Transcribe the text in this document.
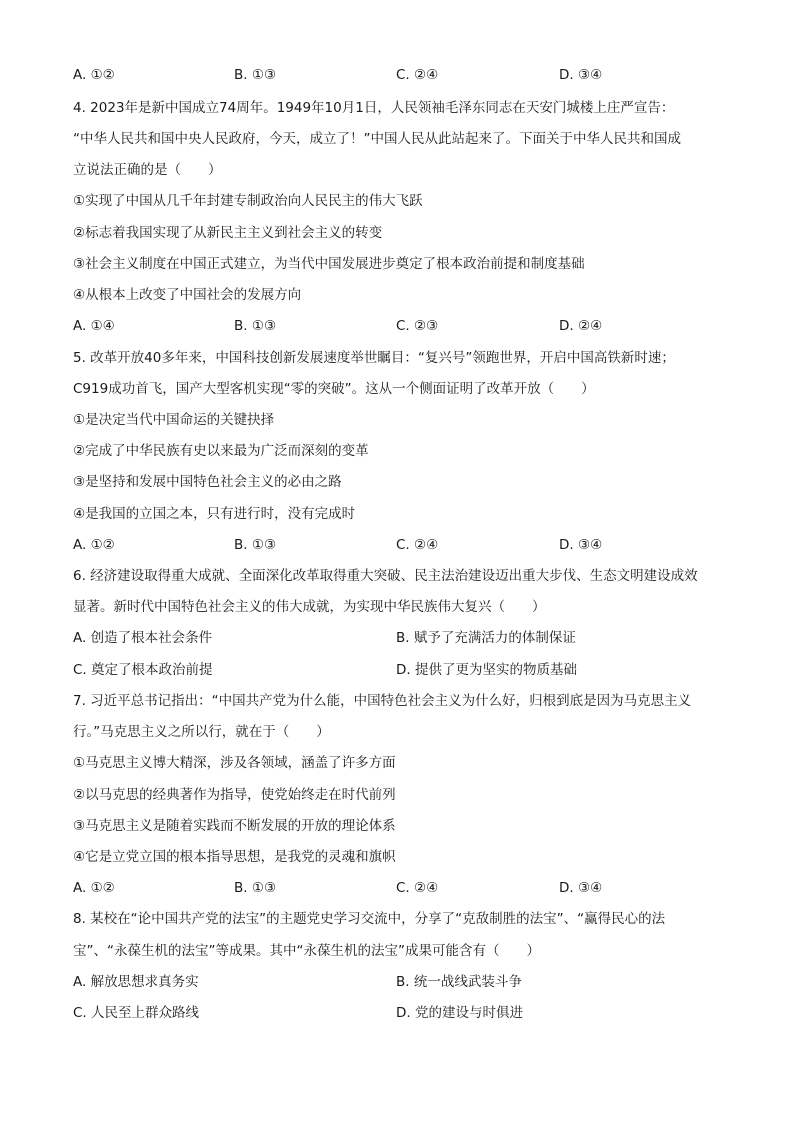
A. ①②	B. ①③	C. ②④	D. ③④
4. 2023年是新中国成立74周年。1949年10月1日，人民领袖毛泽东同志在天安门城楼上庄严宣告：
“中华人民共和国中央人民政府，今天，成立了！”中国人民从此站起来了。下面关于中华人民共和国成
立说法正确的是（　　）
①实现了中国从几千年封建专制政治向人民民主的伟大飞跃
②标志着我国实现了从新民主主义到社会主义的转变
③社会主义制度在中国正式建立，为当代中国发展进步奠定了根本政治前提和制度基础
④从根本上改变了中国社会的发展方向
A. ①④	B. ①③	C. ②③	D. ②④
5. 改革开放40多年来，中国科技创新发展速度举世瞩目：“复兴号”领跑世界，开启中国高铁新时速；
C919成功首飞，国产大型客机实现“零的突破”。这从一个侧面证明了改革开放（　　）
①是决定当代中国命运的关键抉择
②完成了中华民族有史以来最为广泛而深刻的变革
③是坚持和发展中国特色社会主义的必由之路
④是我国的立国之本，只有进行时，没有完成时
A. ①②	B. ①③	C. ②④	D. ③④
6. 经济建设取得重大成就、全面深化改革取得重大突破、民主法治建设迈出重大步伐、生态文明建设成效
显著。新时代中国特色社会主义的伟大成就，为实现中华民族伟大复兴（　　）
A. 创造了根本社会条件	B. 赋予了充满活力的体制保证
C. 奠定了根本政治前提	D. 提供了更为坚实的物质基础
7. 习近平总书记指出：“中国共产党为什么能，中国特色社会主义为什么好，归根到底是因为马克思主义
行。”马克思主义之所以行，就在于（　　）
①马克思主义博大精深，涉及各领域，涵盖了许多方面
②以马克思的经典著作为指导，使党始终走在时代前列
③马克思主义是随着实践而不断发展的开放的理论体系
④它是立党立国的根本指导思想，是我党的灵魂和旗帜
A. ①②	B. ①③	C. ②④	D. ③④
8. 某校在“论中国共产党的法宝”的主题党史学习交流中，分享了“克敌制胜的法宝”、“赢得民心的法
宝”、“永葆生机的法宝”等成果。其中“永葆生机的法宝”成果可能含有（　　）
A. 解放思想求真务实	B. 统一战线武装斗争
C. 人民至上群众路线	D. 党的建设与时俱进
